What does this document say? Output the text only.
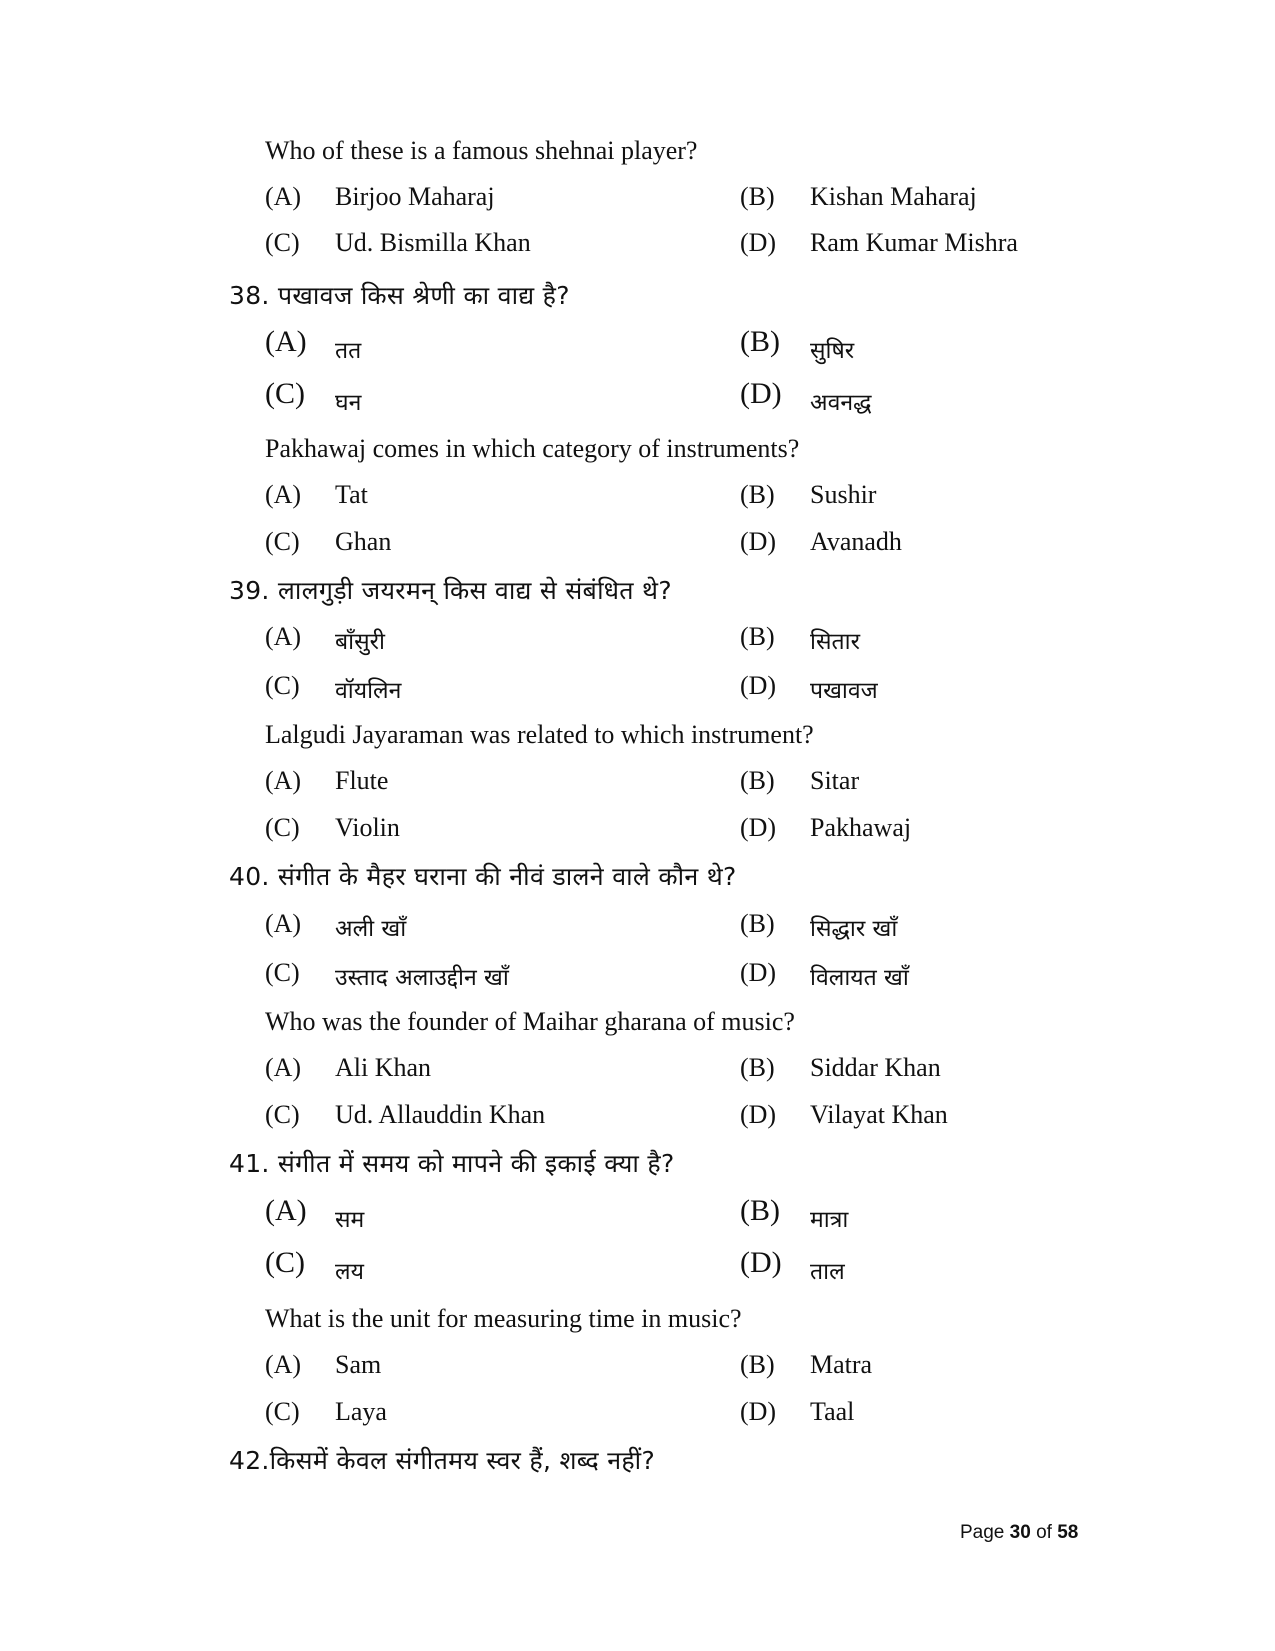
Who of these is a famous shehnai player?
(A) Birjoo Maharaj	(B) Kishan Maharaj
(C) Ud. Bismilla Khan	(D) Ram Kumar Mishra
38. पखावज किस श्रेणी का वाद्य है?
(A) तत	(B) सुषिर
(C) घन	(D) अवनद्ध
Pakhawaj comes in which category of instruments?
(A) Tat	(B) Sushir
(C) Ghan	(D) Avanadh
39. लालगुड़ी जयरमन् किस वाद्य से संबंधित थे?
(A) बाँसुरी	(B) सितार
(C) वॉयलिन	(D) पखावज
Lalgudi Jayaraman was related to which instrument?
(A) Flute	(B) Sitar
(C) Violin	(D) Pakhawaj
40. संगीत के मैहर घराना की नीवं डालने वाले कौन थे?
(A) अली खाँ	(B) सिद्धार खाँ
(C) उस्ताद अलाउद्दीन खाँ	(D) विलायत खाँ
Who was the founder of Maihar gharana of music?
(A) Ali Khan	(B) Siddar Khan
(C) Ud. Allauddin Khan	(D) Vilayat Khan
41. संगीत में समय को मापने की इकाई क्या है?
(A) सम	(B) मात्रा
(C) लय	(D) ताल
What is the unit for measuring time in music?
(A) Sam	(B) Matra
(C) Laya	(D) Taal
42.किसमें केवल संगीतमय स्वर हैं, शब्द नहीं?
Page 30 of 58
